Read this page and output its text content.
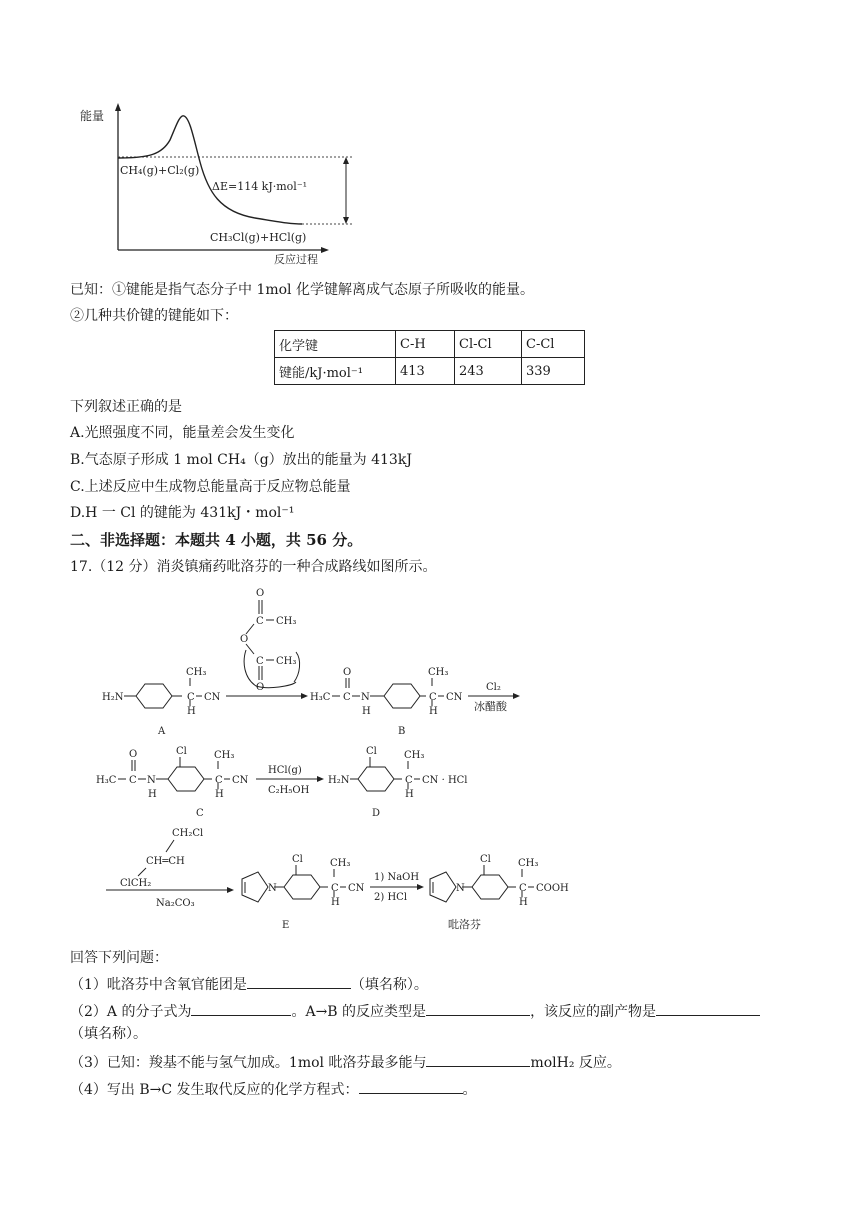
能量
CH₄(g)+Cl₂(g)
ΔE=114 kJ·mol⁻¹
CH₃Cl(g)+HCl(g)
反应过程
已知：①键能是指气态分子中 1mol 化学键解离成气态原子所吸收的能量。
②几种共价键的键能如下：
化学键	C-H	Cl-Cl	C-Cl
键能/kJ·mol⁻¹	413	243	339
下列叙述正确的是
A.光照强度不同，能量差会发生变化
B.气态原子形成 1 mol CH₄（g）放出的能量为 413kJ
C.上述反应中生成物总能量高于反应物总能量
D.H 一 Cl 的键能为 431kJ・mol⁻¹
二、非选择题：本题共 4 小题，共 56 分。
17.（12 分）消炎镇痛药吡洛芬的一种合成路线如图所示。
H₂N	C
CH₃
H
CN
A
O
C CH₃
O
C CH₃
O
H₃C
O
C N
H
C
CH₃
H
CN
B
Cl₂
冰醋酸
H₃C
O
C N
H
Cl
C
CH₃
H
CN
C
HCl(g)
C₂H₅OH
H₂N
Cl
C
CH₃
H
CN · HCl
D
CH₂Cl
CH═CH
ClCH₂
Na₂CO₃
N
Cl
C
CH₃
H
CN
E
1) NaOH
2) HCl
N
Cl
C
CH₃
H
COOH
吡洛芬
回答下列问题：
（1）吡洛芬中含氧官能团是	（填名称）。
（2）A 的分子式为	。A→B 的反应类型是	，该反应的副产物是
（填名称）。
（3）已知：羧基不能与氢气加成。1mol 吡洛芬最多能与	molH₂ 反应。
（4）写出 B→C 发生取代反应的化学方程式：	。
